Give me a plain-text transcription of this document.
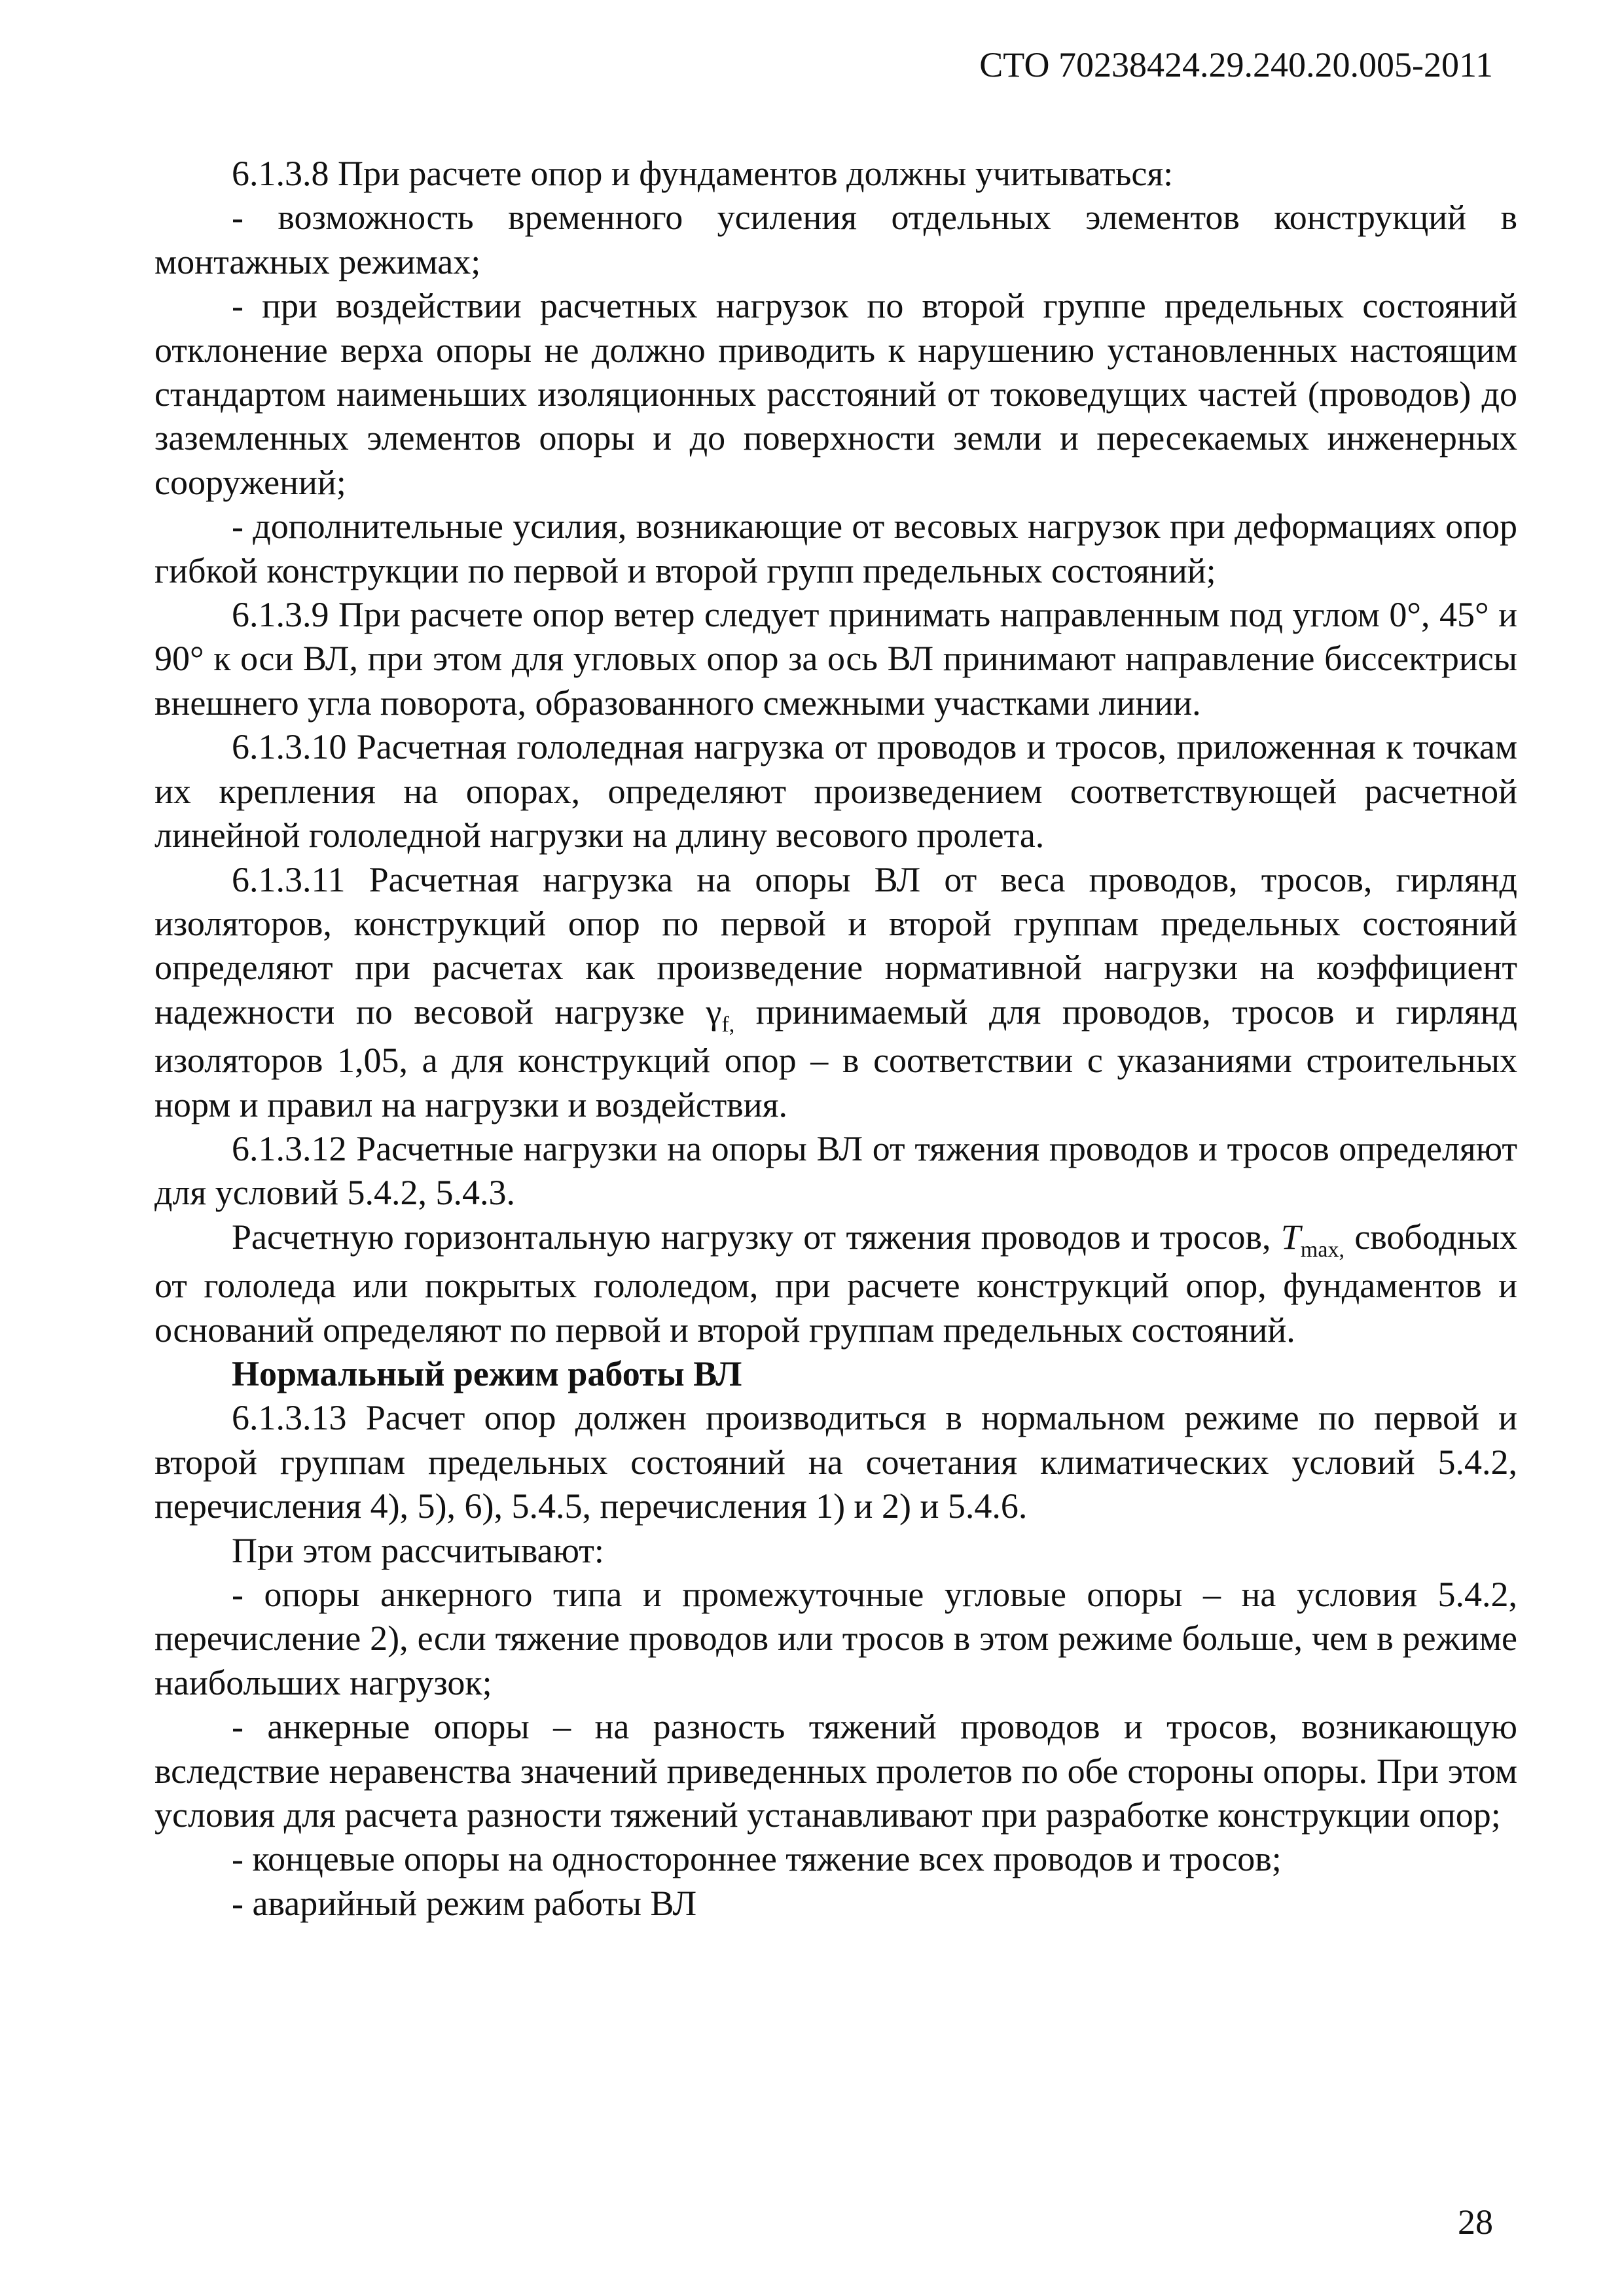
СТО 70238424.29.240.20.005-2011

6.1.3.8 При расчете опор и фундаментов должны учитываться:

- возможность временного усиления отдельных элементов конструкций в монтажных режимах;

- при воздействии расчетных нагрузок по второй группе предельных состояний отклонение верха опоры не должно приводить к нарушению установленных настоящим стандартом наименьших изоляционных расстояний от токоведущих частей (проводов) до заземленных элементов опоры и до поверхности земли и пересекаемых инженерных сооружений;

- дополнительные усилия, возникающие от весовых нагрузок при деформациях опор гибкой конструкции по первой и второй групп предельных состояний;

6.1.3.9 При расчете опор ветер следует принимать направленным под углом 0°, 45° и 90° к оси ВЛ, при этом для угловых опор за ось ВЛ принимают направление биссектрисы внешнего угла поворота, образованного смежными участками линии.

6.1.3.10 Расчетная гололедная нагрузка от проводов и тросов, приложенная к точкам их крепления на опорах, определяют произведением соответствующей расчетной линейной гололедной нагрузки на длину весового пролета.

6.1.3.11 Расчетная нагрузка на опоры ВЛ от веса проводов, тросов, гирлянд изоляторов, конструкций опор по первой и второй группам предельных состояний определяют при расчетах как произведение нормативной нагрузки на коэффициент надежности по весовой нагрузке $\gamma_{f,}$ принимаемый для проводов, тросов и гирлянд изоляторов 1,05, а для конструкций опор – в соответствии с указаниями строительных норм и правил на нагрузки и воздействия.

6.1.3.12 Расчетные нагрузки на опоры ВЛ от тяжения проводов и тросов определяют для условий 5.4.2, 5.4.3.

Расчетную горизонтальную нагрузку от тяжения проводов и тросов, $T_{max,}$ свободных от гололеда или покрытых гололедом, при расчете конструкций опор, фундаментов и оснований определяют по первой и второй группам предельных состояний.

Нормальный режим работы ВЛ

6.1.3.13 Расчет опор должен производиться в нормальном режиме по первой и второй группам предельных состояний на сочетания климатических условий 5.4.2, перечисления 4), 5), 6), 5.4.5, перечисления 1) и 2) и 5.4.6.

При этом рассчитывают:

- опоры анкерного типа и промежуточные угловые опоры – на условия 5.4.2, перечисление 2), если тяжение проводов или тросов в этом режиме больше, чем в режиме наибольших нагрузок;

- анкерные опоры – на разность тяжений проводов и тросов, возникающую вследствие неравенства значений приведенных пролетов по обе стороны опоры. При этом условия для расчета разности тяжений устанавливают при разработке конструкции опор;

- концевые опоры на одностороннее тяжение всех проводов и тросов;

- аварийный режим работы ВЛ

28
